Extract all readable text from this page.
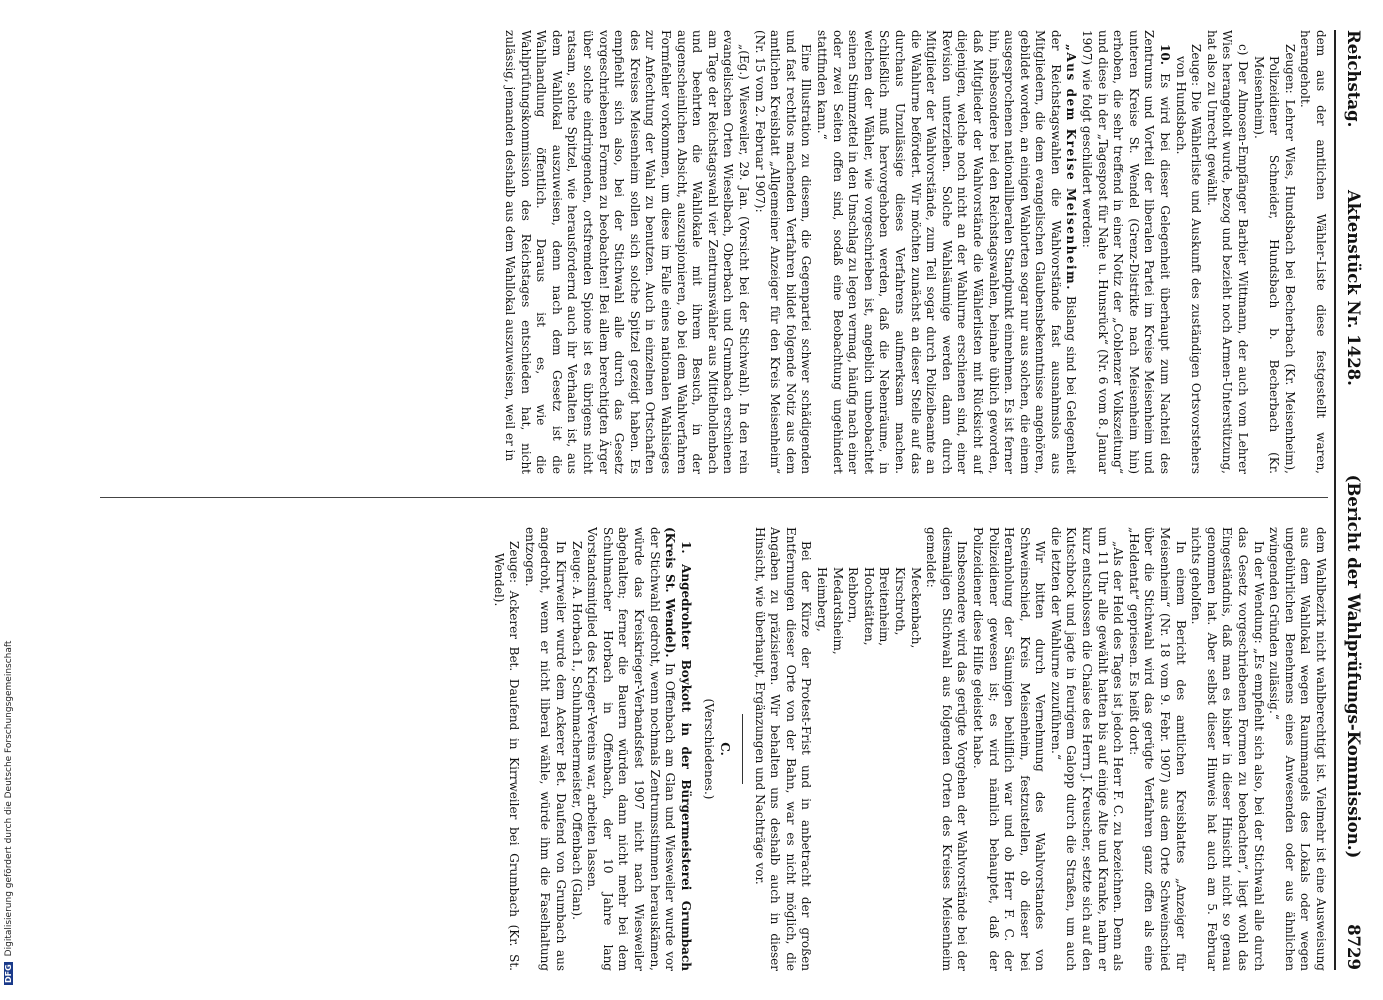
Reichstag.
Aktenstück Nr. 1428.
(Bericht der Wahlprüfungs-Kommission.) 8729

dem aus der amtlichen Wähler-Liste diese festgestellt waren, herangeholt.

Zeugen: Lehrer Wies, Hundsbach bei Becherbach (Kr. Meisenheim), Polizeidiener Schneider, Hundsbach b. Becherbach (Kr. Meisenheim).

c) Der Almosen-Empfänger Barbier Wittmann, der auch vom Lehrer Wies herangeholt wurde, bezog und bezieht noch Armen-Unterstützung, hat also zu Unrecht gewählt.

Zeuge: Die Wählerliste und Auskunft des zuständigen Ortsvorstehers von Hundsbach.

10. Es wird bei dieser Gelegenheit überhaupt zum Nachteil des Zentrums und Vorteil der liberalen Partei im Kreise Meisenheim und unteren Kreise St. Wendel (Grenz-Distrikte nach Meisenheim hin) erhoben, die sehr treffend in einer Notiz der „Coblenzer Volkszeitung“ und diese in der „Tagespost für Nahe u. Hunsrück“ (Nr. 6 vom 8. Januar 1907) wie folgt geschildert werden:

„Aus dem Kreise Meisenheim. Bislang sind bei Gelegenheit der Reichstagswahlen die Wahlvorstände fast ausnahmslos aus Mitgliedern, die dem evangelischen Glaubensbekenntnisse angehören, gebildet worden, an einigen Wahlorten sogar nur aus solchen, die einem ausgesprochenen nationalliberalen Standpunkt einnehmen. Es ist ferner hin, insbesondere bei den Reichstagswahlen, beinahe üblich geworden, daß Mitglieder der Wahlvorstände die Wählerlisten mit Rücksicht auf diejenigen, welche noch nicht an der Wahlurne erschienen sind, einer Revision unterziehen. Solche Wahlsäumige werden dann durch Mitglieder der Wahlvorstände, zum Teil sogar durch Polizeibeamte an die Wahlurne befördert. Wir möchten zunächst an dieser Stelle auf das durchaus Unzulässige dieses Verfahrens aufmerksam machen. Schließlich muß hervorgehoben werden, daß die Nebenräume, in welchen der Wähler, wie vorgeschrieben ist, angeblich unbeobachtet seinen Stimmzettel in den Umschlag zu legen vermag, häufig nach einer oder zwei Seiten offen sind, sodaß eine Beobachtung ungehindert stattfinden kann.“

Eine Illustration zu diesem, die Gegenpartei schwer schädigenden und fast rechtlos machenden Verfahren bildet folgende Notiz aus dem amtlichen Kreisblatt „Allgemeiner Anzeiger für den Kreis Meisenheim“ (Nr. 15 vom 2. Februar 1907):

„(Eg.) Wiesweiler, 29. Jan. (Vorsicht bei der Stichwahl). In den rein evangelischen Orten Wieselbach, Oberbach und Grumbach erschienen am Tage der Reichstagswahl vier Zentrumswähler aus Mittelhollenbach und beehrten die Wahllokale mit ihrem Besuch, in der augenscheinlichen Absicht, auszuspionieren, ob bei dem Wahlverfahren Formfehler vorkommen, um diese im Falle eines nationalen Wahlsieges zur Anfechtung der Wahl zu benutzen. Auch in einzelnen Ortschaften des Kreises Meisenheim sollen sich solche Spitzel gezeigt haben. Es empfiehlt sich also, bei der Stichwahl alle durch das Gesetz vorgeschriebenen Formen zu beobachten! Bei allem berechtigten Ärger über solche eindringenden, ortsfremden Spione ist es übrigens nicht ratsam, solche Spitzel, wie herausfordernd auch ihr Verhalten ist, aus dem Wahllokal auszuweisen, denn nach dem Gesetz ist die Wahlhandlung öffentlich. Daraus ist es, wie die Wahlprüfungskommission des Reichstages entschieden hat, nicht zulässig, jemanden deshalb aus dem Wahllokal auszuweisen, weil er in

dem Wahlbezirk nicht wahlberechtigt ist. Vielmehr ist eine Ausweisung aus dem Wahllokal wegen Raummangels des Lokals oder wegen ungebührlichen Benehmens eines Anwesenden oder aus ähnlichen zwingenden Gründen zulässig.“

In der Wendung: „Es empfiehlt sich also, bei der Stichwahl alle durch das Gesetz vorgeschriebenen Formen zu beobachten“, liegt wohl das Eingeständnis, daß man es bisher in dieser Hinsicht nicht so genau genommen hat. Aber selbst dieser Hinweis hat auch am 5. Februar nichts geholfen.

In einem Bericht des amtlichen Kreisblattes „Anzeiger für Meisenheim“ (Nr. 18 vom 9. Febr. 1907) aus dem Orte Schweinschied über die Stichwahl wird das gerügte Verfahren ganz offen als eine „Heldentat“ gepriesen. Es heißt dort:

„Als der Held des Tages ist jedoch Herr F. C. zu bezeichnen. Denn als um 11 Uhr alle gewählt hatten bis auf einige Alte und Kranke, nahm er kurz entschlossen die Chaise des Herrn J. Kreuscher, setzte sich auf den Kutschbock und jagte in feurigem Galopp durch die Straßen, um auch die letzten der Wahlurne zuzuführen.“

Wir bitten durch Vernehmung des Wahlvorstandes von Schweinschied, Kreis Meisenheim, festzustellen, ob dieser bei Heranholung der Säumigen behilflich war und ob Herr F. C. der Polizeidiener gewesen ist; es wird nämlich behauptet, daß der Polizeidiener diese Hilfe geleistet habe.

Insbesondere wird das gerügte Vorgehen der Wahlvorstände bei der diesmaligen Stichwahl aus folgenden Orten des Kreises Meisenheim gemeldet:

Meckenbach,
Kirschroth,
Breitenheim,
Hochstätten,
Rehborn,
Medardsheim,
Heimberg,

Bei der Kürze der Protest-Frist und in anbetracht der großen Entfernungen dieser Orte von der Bahn, war es nicht möglich, die Angaben zu präzisieren. Wir behalten uns deshalb auch in dieser Hinsicht, wie überhaupt, Ergänzungen und Nachträge vor.

C.

(Verschiedenes.)

1. Angedrohter Boykott in der Bürgermeisterei Grumbach (Kreis St. Wendel). In Offenbach am Glan und Wiesweiler wurde vor der Stichwahl gedroht, wenn nochmals Zentrumsstimmen herauskämen, würde das Kreiskrieger-Verbandsfest 1907 nicht nach Wiesweiler abgehalten; ferner die Bauern würden dann nicht mehr bei dem Schuhmacher Horbach in Offenbach, der 10 Jahre lang Vorstandsmitglied des Krieger-Vereins war, arbeiten lassen.

Zeuge: A. Horbach I., Schuhmachermeister, Offenbach (Glan).

In Kirrweiler wurde dem Ackerer Bet. Daufend von Grumbach aus angedroht, wenn er nicht liberal wähle, würde ihm die Faselhaltung entzogen.

Zeuge: Ackerer Bet. Daufend in Kirrweiler bei Grumbach (Kr. St. Wendel).

DFGDigitalisierung gefördert durch die Deutsche Forschungsgemeinschaft
